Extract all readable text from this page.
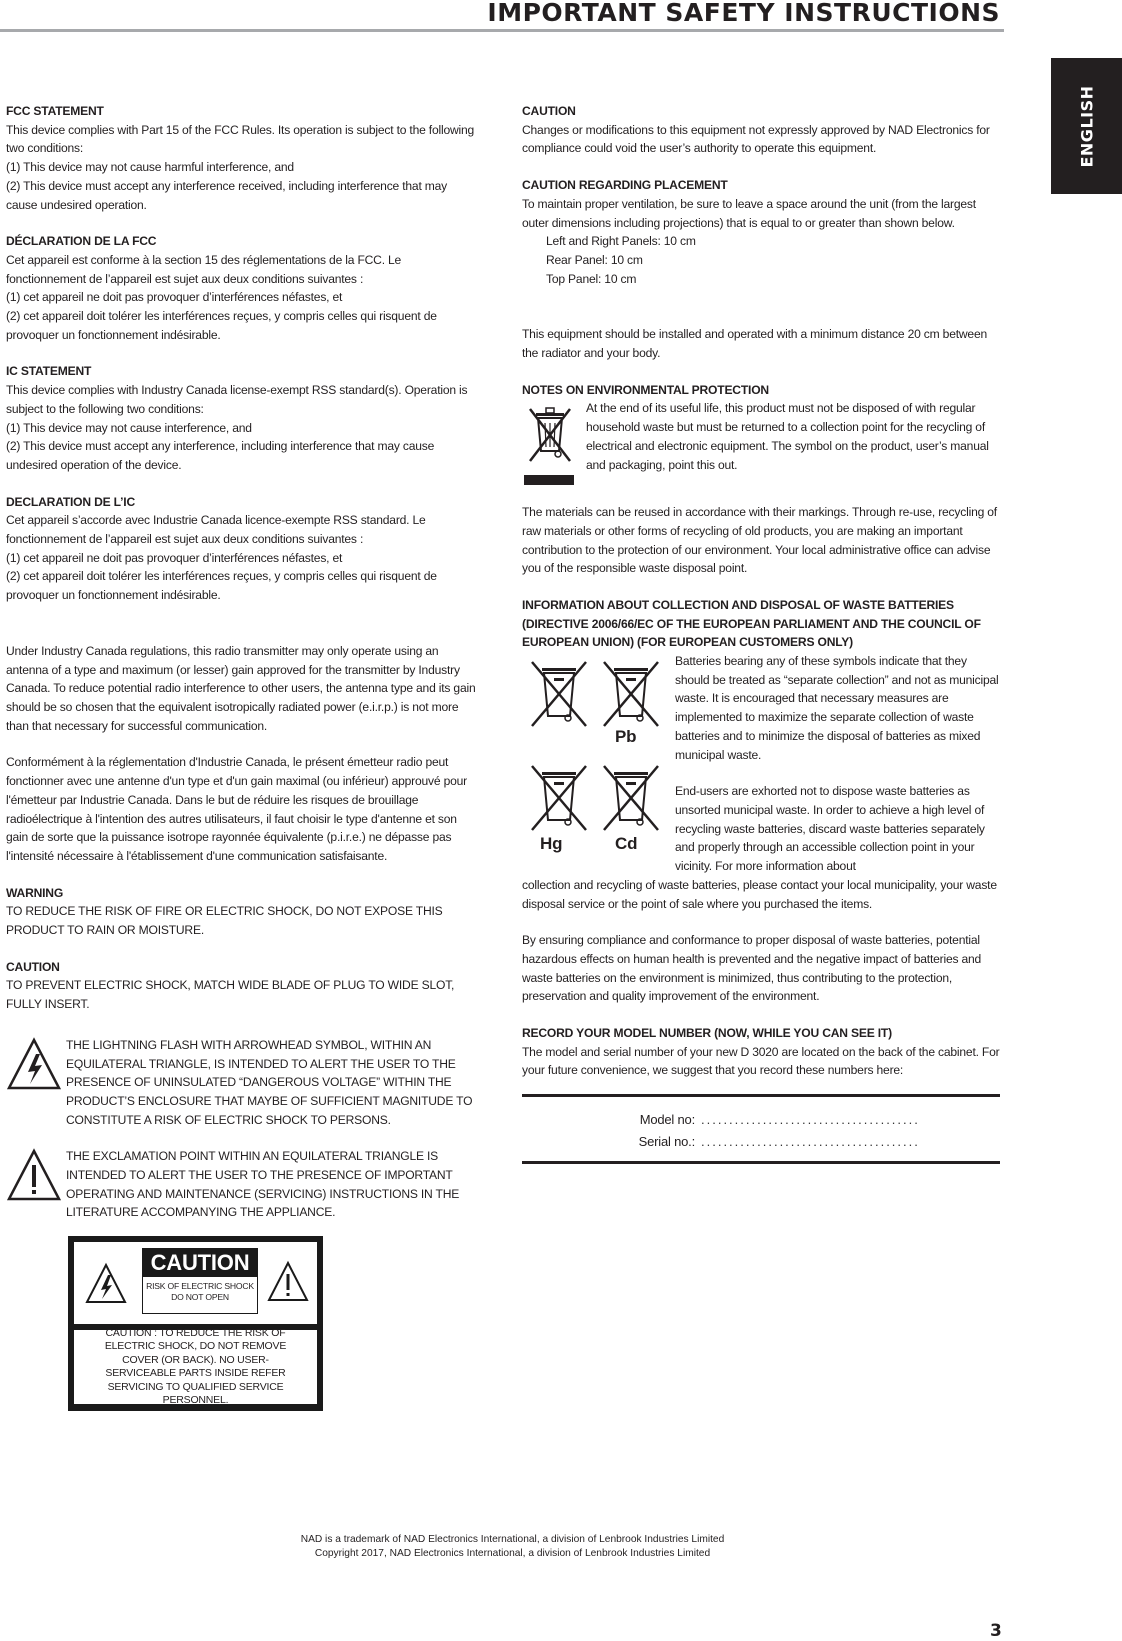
IMPORTANT SAFETY INSTRUCTIONS
ENGLISH

FCC STATEMENT

This device complies with Part 15 of the FCC Rules. Its operation is subject to the following two conditions:

(1) This device may not cause harmful interference, and

(2) This device must accept any interference received, including interference that may cause undesired operation.

DÉCLARATION DE LA FCC

Cet appareil est conforme à la section 15 des réglementations de la FCC. Le fonctionnement de l’appareil est sujet aux deux conditions suivantes :

(1) cet appareil ne doit pas provoquer d’interférences néfastes, et

(2) cet appareil doit tolérer les interférences reçues, y compris celles qui risquent de provoquer un fonctionnement indésirable.

IC STATEMENT

This device complies with Industry Canada license-exempt RSS standard(s). Operation is subject to the following two conditions:

(1) This device may not cause interference, and

(2) This device must accept any interference, including interference that may cause undesired operation of the device.

DECLARATION DE L’IC

Cet appareil s’accorde avec Industrie Canada licence-exempte RSS standard. Le fonctionnement de l’appareil est sujet aux deux conditions suivantes :

(1) cet appareil ne doit pas provoquer d’interférences néfastes, et

(2) cet appareil doit tolérer les interférences reçues, y compris celles qui risquent de provoquer un fonctionnement indésirable.

Under Industry Canada regulations, this radio transmitter may only operate using an antenna of a type and maximum (or lesser) gain approved for the transmitter by Industry Canada. To reduce potential radio interference to other users, the antenna type and its gain should be so chosen that the equivalent isotropically radiated power (e.i.r.p.) is not more than that necessary for successful communication.

Conformément à la réglementation d'Industrie Canada, le présent émetteur radio peut fonctionner avec une antenne d'un type et d'un gain maximal (ou inférieur) approuvé pour l'émetteur par Industrie Canada. Dans le but de réduire les risques de brouillage radioélectrique à l'intention des autres utilisateurs, il faut choisir le type d'antenne et son gain de sorte que la puissance isotrope rayonnée équivalente (p.i.r.e.) ne dépasse pas l'intensité nécessaire à l'établissement d'une communication satisfaisante.

WARNING

TO REDUCE THE RISK OF FIRE OR ELECTRIC SHOCK, DO NOT EXPOSE THIS PRODUCT TO RAIN OR MOISTURE.

CAUTION

TO PREVENT ELECTRIC SHOCK, MATCH WIDE BLADE OF PLUG TO WIDE SLOT, FULLY INSERT.

THE LIGHTNING FLASH WITH ARROWHEAD SYMBOL, WITHIN AN EQUILATERAL TRIANGLE, IS INTENDED TO ALERT THE USER TO THE PRESENCE OF UNINSULATED “DANGEROUS VOLTAGE” WITHIN THE PRODUCT’S ENCLOSURE THAT MAYBE OF SUFFICIENT MAGNITUDE TO CONSTITUTE A RISK OF ELECTRIC SHOCK TO PERSONS.

THE EXCLAMATION POINT WITHIN AN EQUILATERAL TRIANGLE IS INTENDED TO ALERT THE USER TO THE PRESENCE OF IMPORTANT OPERATING AND MAINTENANCE (SERVICING) INSTRUCTIONS IN THE LITERATURE ACCOMPANYING THE APPLIANCE.

CAUTION
RISK OF ELECTRIC SHOCK
DO NOT OPEN
CAUTION : TO REDUCE THE RISK OF ELECTRIC SHOCK, DO NOT REMOVE COVER (OR BACK). NO USER-SERVICEABLE PARTS INSIDE REFER SERVICING TO QUALIFIED SERVICE PERSONNEL.

CAUTION

Changes or modifications to this equipment not expressly approved by NAD Electronics for compliance could void the user’s authority to operate this equipment.

CAUTION REGARDING PLACEMENT

To maintain proper ventilation, be sure to leave a space around the unit (from the largest outer dimensions including projections) that is equal to or greater than shown below.

Left and Right Panels: 10 cm

Rear Panel: 10 cm

Top Panel: 10 cm

This equipment should be installed and operated with a minimum distance 20 cm between the radiator and your body.

NOTES ON ENVIRONMENTAL PROTECTION

At the end of its useful life, this product must not be disposed of with regular household waste but must be returned to a collection point for the recycling of electrical and electronic equipment. The symbol on the product, user’s manual and packaging, point this out.

The materials can be reused in accordance with their markings. Through re-use, recycling of raw materials or other forms of recycling of old products, you are making an important contribution to the protection of our environment. Your local administrative office can advise you of the responsible waste disposal point.

INFORMATION ABOUT COLLECTION AND DISPOSAL OF WASTE BATTERIES (DIRECTIVE 2006/66/EC OF THE EUROPEAN PARLIAMENT AND THE COUNCIL OF EUROPEAN UNION) (FOR EUROPEAN CUSTOMERS ONLY)

Pb
Hg	Cd

Batteries bearing any of these symbols indicate that they should be treated as “separate collection” and not as municipal waste. It is encouraged that necessary measures are implemented to maximize the separate collection of waste batteries and to minimize the disposal of batteries as mixed municipal waste.

End-users are exhorted not to dispose waste batteries as unsorted municipal waste. In order to achieve a high level of recycling waste batteries, discard waste batteries separately and properly through an accessible collection point in your vicinity. For more information about

collection and recycling of waste batteries, please contact your local municipality, your waste disposal service or the point of sale where you purchased the items.

By ensuring compliance and conformance to proper disposal of waste batteries, potential hazardous effects on human health is prevented and the negative impact of batteries and waste batteries on the environment is minimized, thus contributing to the protection, preservation and quality improvement of the environment.

RECORD YOUR MODEL NUMBER (NOW, WHILE YOU CAN SEE IT)

The model and serial number of your new D 3020 are located on the back of the cabinet. For your future convenience, we suggest that you record these numbers here:

Model no: .......................................
Serial no.: .......................................
NAD is a trademark of NAD Electronics International, a division of Lenbrook Industries Limited
Copyright 2017, NAD Electronics International, a division of Lenbrook Industries Limited
3
